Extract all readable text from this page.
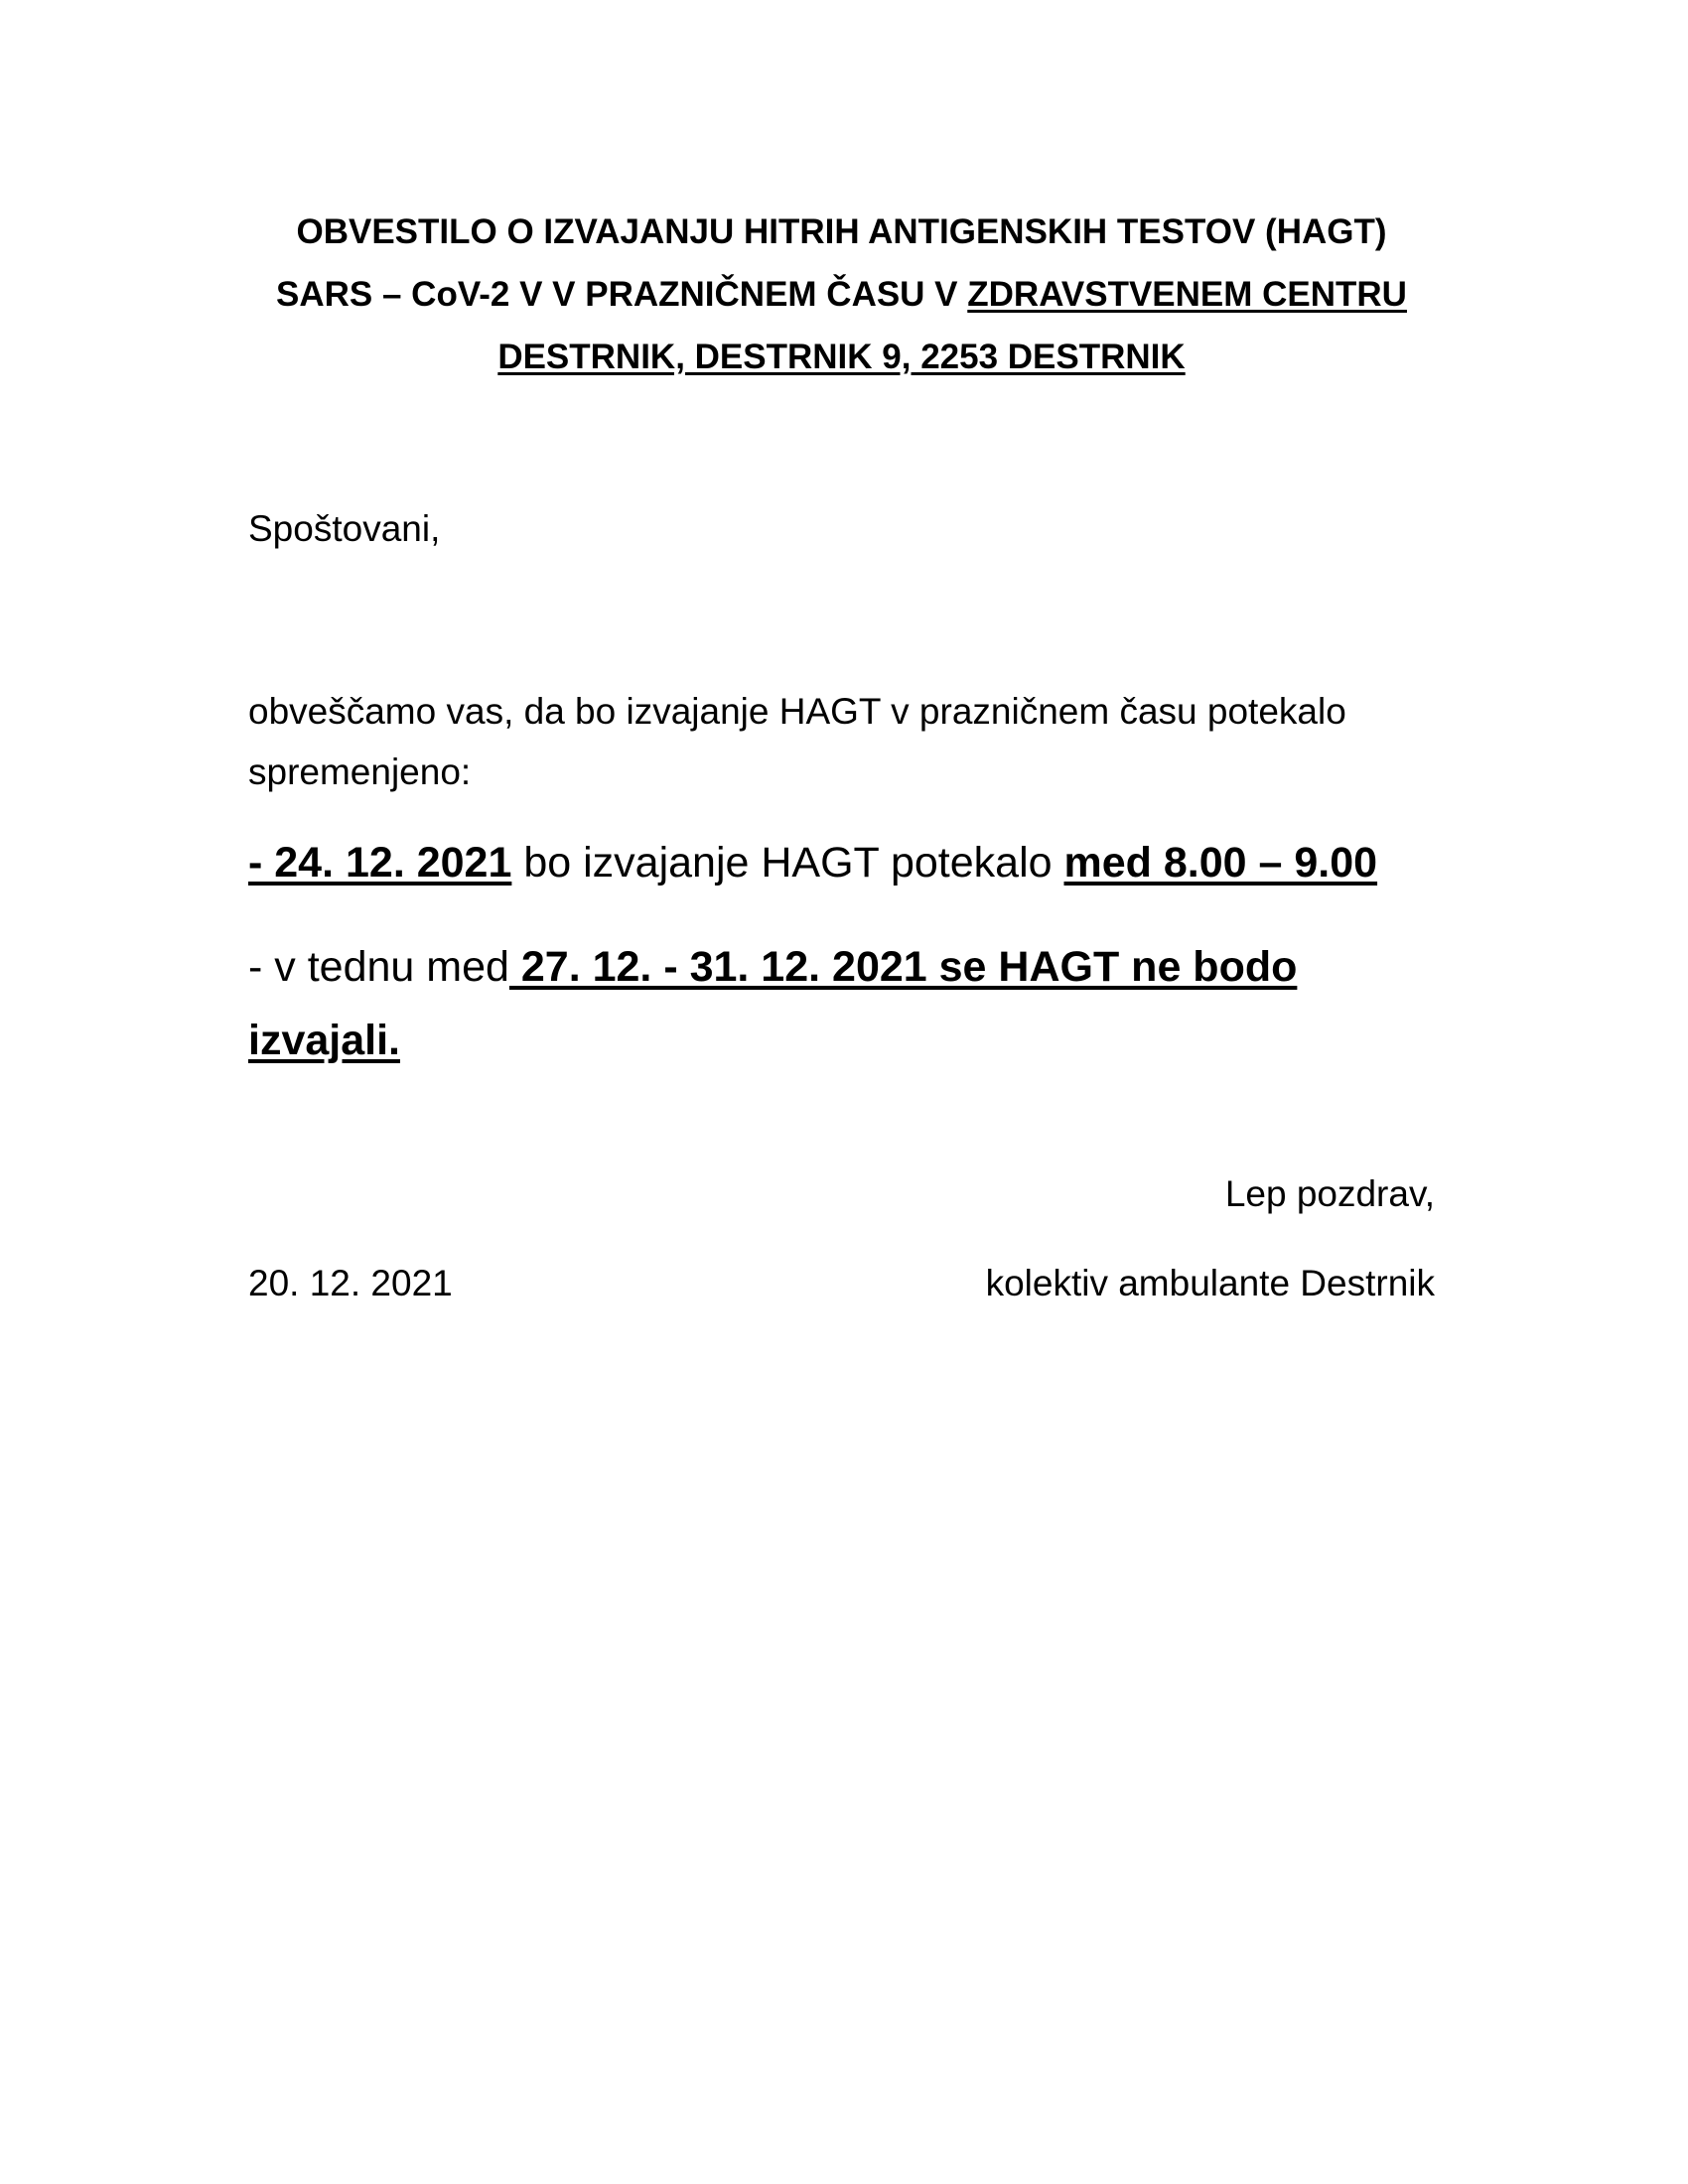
OBVESTILO O IZVAJANJU HITRIH ANTIGENSKIH TESTOV (HAGT)
SARS – CoV-2 V V PRAZNIČNEM ČASU V ZDRAVSTVENEM CENTRU
DESTRNIK, DESTRNIK 9, 2253 DESTRNIK
Spoštovani,
obveščamo vas, da bo izvajanje HAGT v prazničnem času potekalo spremenjeno:
- 24. 12. 2021 bo izvajanje HAGT potekalo med 8.00 – 9.00
- v tednu med 27. 12. - 31. 12. 2021 se HAGT ne bodo izvajali.
Lep pozdrav,
20. 12. 2021	kolektiv ambulante Destrnik
